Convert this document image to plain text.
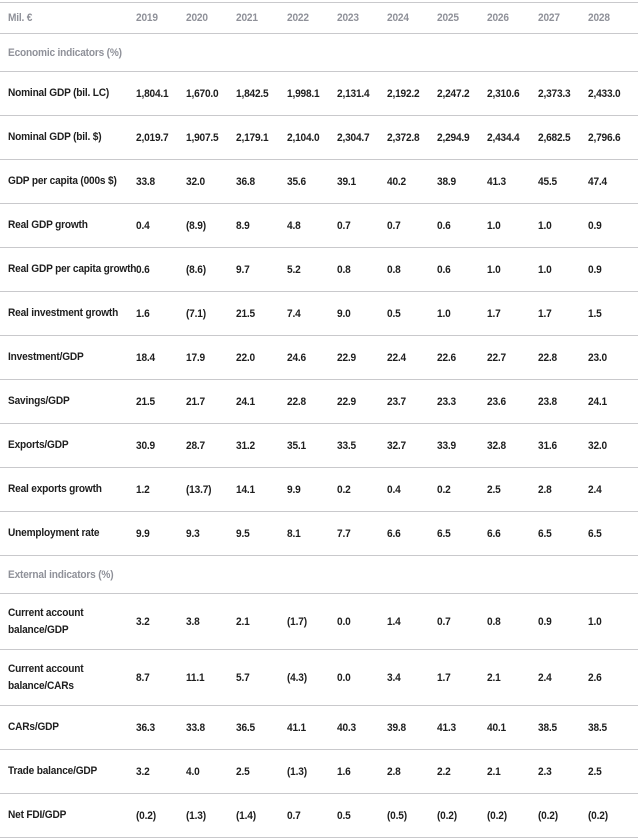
Mil. €	2019	2020	2021	2022	2023	2024	2025	2026	2027	2028

Economic indicators (%)										

Nominal GDP (bil. LC)	1,804.1	1,670.0	1,842.5	1,998.1	2,131.4	2,192.2	2,247.2	2,310.6	2,373.3	2,433.0

Nominal GDP (bil. $)	2,019.7	1,907.5	2,179.1	2,104.0	2,304.7	2,372.8	2,294.9	2,434.4	2,682.5	2,796.6

GDP per capita (000s $)	33.8	32.0	36.8	35.6	39.1	40.2	38.9	41.3	45.5	47.4

Real GDP growth	0.4	(8.9)	8.9	4.8	0.7	0.7	0.6	1.0	1.0	0.9

Real GDP per capita growth	0.6	(8.6)	9.7	5.2	0.8	0.8	0.6	1.0	1.0	0.9

Real investment growth	1.6	(7.1)	21.5	7.4	9.0	0.5	1.0	1.7	1.7	1.5

Investment/GDP	18.4	17.9	22.0	24.6	22.9	22.4	22.6	22.7	22.8	23.0

Savings/GDP	21.5	21.7	24.1	22.8	22.9	23.7	23.3	23.6	23.8	24.1

Exports/GDP	30.9	28.7	31.2	35.1	33.5	32.7	33.9	32.8	31.6	32.0

Real exports growth	1.2	(13.7)	14.1	9.9	0.2	0.4	0.2	2.5	2.8	2.4

Unemployment rate	9.9	9.3	9.5	8.1	7.7	6.6	6.5	6.6	6.5	6.5

External indicators (%)										

Current account
balance/GDP	3.2	3.8	2.1	(1.7)	0.0	1.4	0.7	0.8	0.9	1.0

Current account
balance/CARs	8.7	11.1	5.7	(4.3)	0.0	3.4	1.7	2.1	2.4	2.6

CARs/GDP	36.3	33.8	36.5	41.1	40.3	39.8	41.3	40.1	38.5	38.5

Trade balance/GDP	3.2	4.0	2.5	(1.3)	1.6	2.8	2.2	2.1	2.3	2.5

Net FDI/GDP	(0.2)	(1.3)	(1.4)	0.7	0.5	(0.5)	(0.2)	(0.2)	(0.2)	(0.2)
